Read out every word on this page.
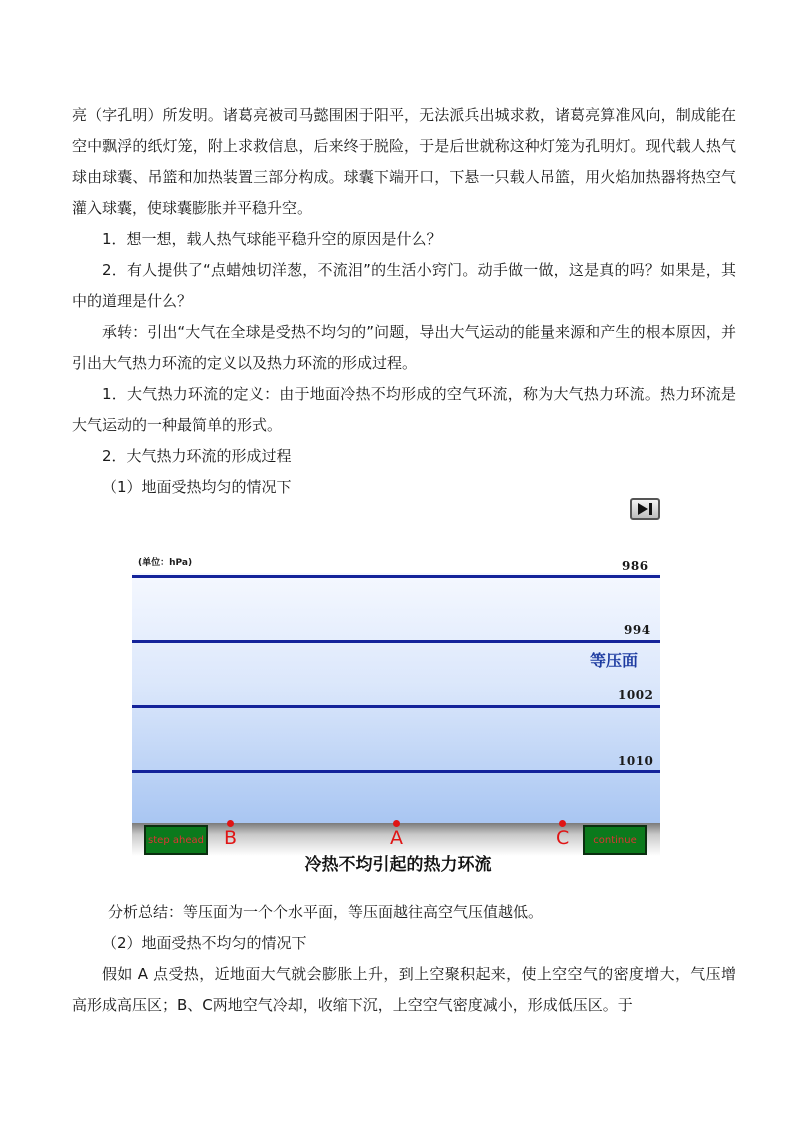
亮（字孔明）所发明。诸葛亮被司马懿围困于阳平，无法派兵出城求救，诸葛亮算准风向，制成能在空中飘浮的纸灯笼，附上求救信息，后来终于脱险，于是后世就称这种灯笼为孔明灯。现代载人热气球由球囊、吊篮和加热装置三部分构成。球囊下端开口，下悬一只载人吊篮，用火焰加热器将热空气灌入球囊，使球囊膨胀并平稳升空。

1．想一想，载人热气球能平稳升空的原因是什么？

2．有人提供了“点蜡烛切洋葱，不流泪”的生活小窍门。动手做一做，这是真的吗？如果是，其中的道理是什么？

承转：引出“大气在全球是受热不均匀的”问题，导出大气运动的能量来源和产生的根本原因，并引出大气热力环流的定义以及热力环流的形成过程。

1．大气热力环流的定义：由于地面冷热不均形成的空气环流，称为大气热力环流。热力环流是大气运动的一种最简单的形式。

2．大气热力环流的形成过程

（1）地面受热均匀的情况下

(单位：hPa)	986
994
等压面
1002
1010
step ahead	continue
B	A	C
冷热不均引起的热力环流

分析总结：等压面为一个个水平面，等压面越往高空气压值越低。

（2）地面受热不均匀的情况下

假如 A 点受热，近地面大气就会膨胀上升，到上空聚积起来，使上空空气的密度增大，气压增高形成高压区；B、C两地空气冷却，收缩下沉，上空空气密度减小，形成低压区。于
